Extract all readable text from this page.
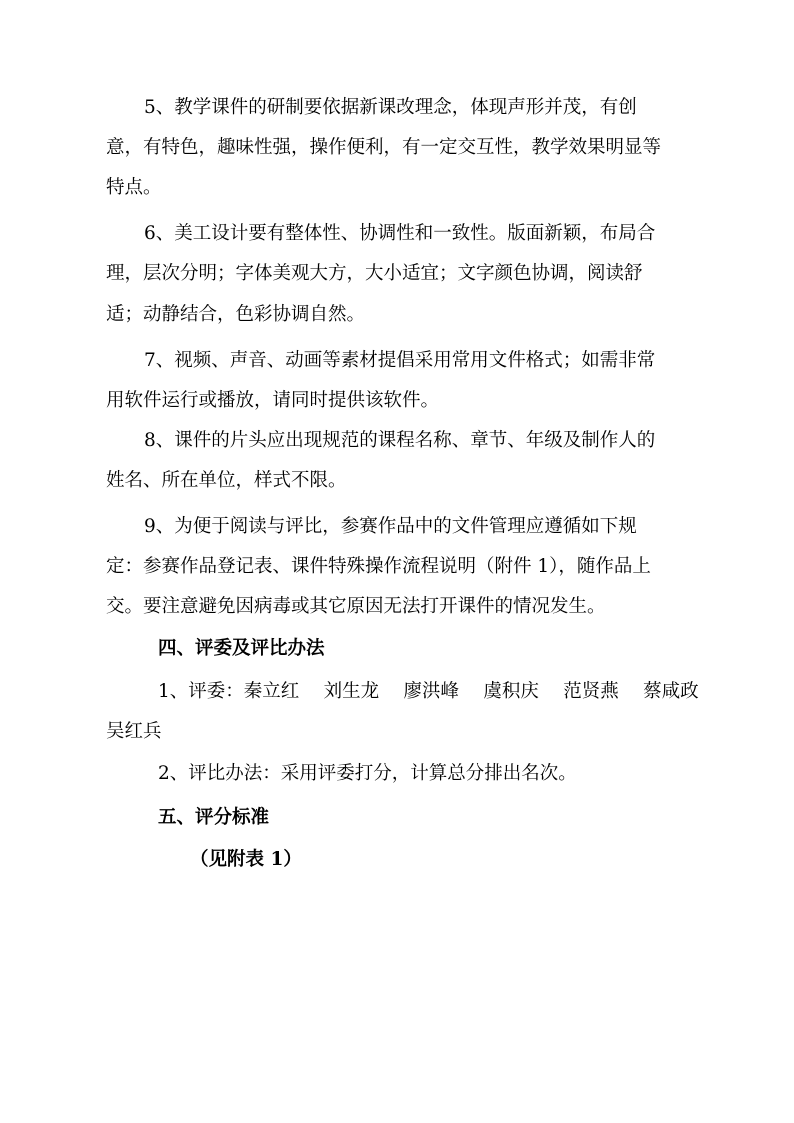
5、教学课件的研制要依据新课改理念，体现声形并茂，有创
意，有特色，趣味性强，操作便利，有一定交互性，教学效果明显等
特点。
6、美工设计要有整体性、协调性和一致性。版面新颖，布局合
理，层次分明；字体美观大方，大小适宜；文字颜色协调，阅读舒
适；动静结合，色彩协调自然。
7、视频、声音、动画等素材提倡采用常用文件格式；如需非常
用软件运行或播放，请同时提供该软件。
8、课件的片头应出现规范的课程名称、章节、年级及制作人的
姓名、所在单位，样式不限。
9、为便于阅读与评比，参赛作品中的文件管理应遵循如下规
定：参赛作品登记表、课件特殊操作流程说明（附件 1），随作品上
交。要注意避免因病毒或其它原因无法打开课件的情况发生。
四、评委及评比办法
1、评委：秦立红　 刘生龙 　廖洪峰 　虞积庆 　范贤燕 　蔡咸政
吴红兵
2、评比办法：采用评委打分，计算总分排出名次。
五、评分标准
（见附表 1）
